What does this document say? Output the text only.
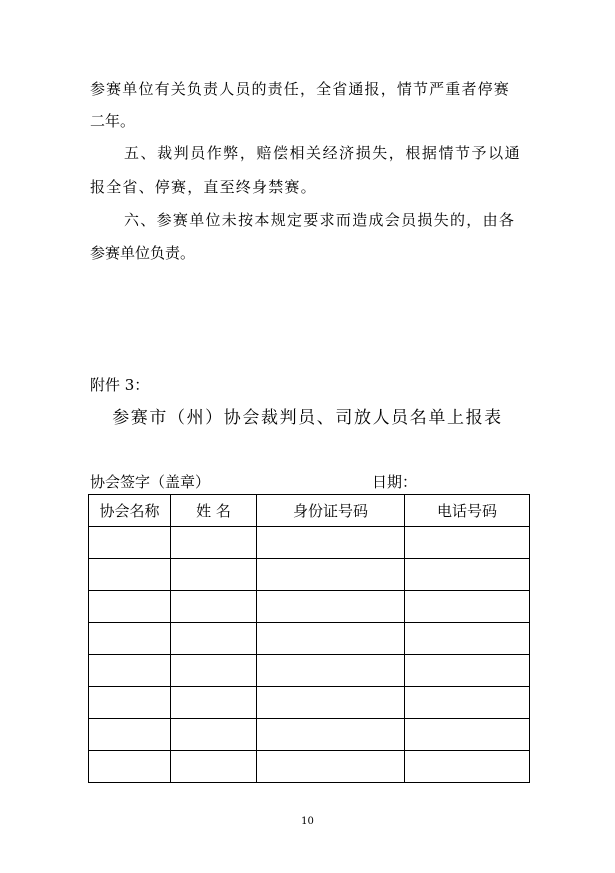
参赛单位有关负责人员的责任，全省通报，情节严重者停赛
二年。
五、裁判员作弊，赔偿相关经济损失，根据情节予以通
报全省、停赛，直至终身禁赛。
六、参赛单位未按本规定要求而造成会员损失的，由各
参赛单位负责。
附件 3：
参赛市（州）协会裁判员、司放人员名单上报表
协会签字（盖章）	日期：
协会名称	姓 名	身份证号码	电话号码

10
